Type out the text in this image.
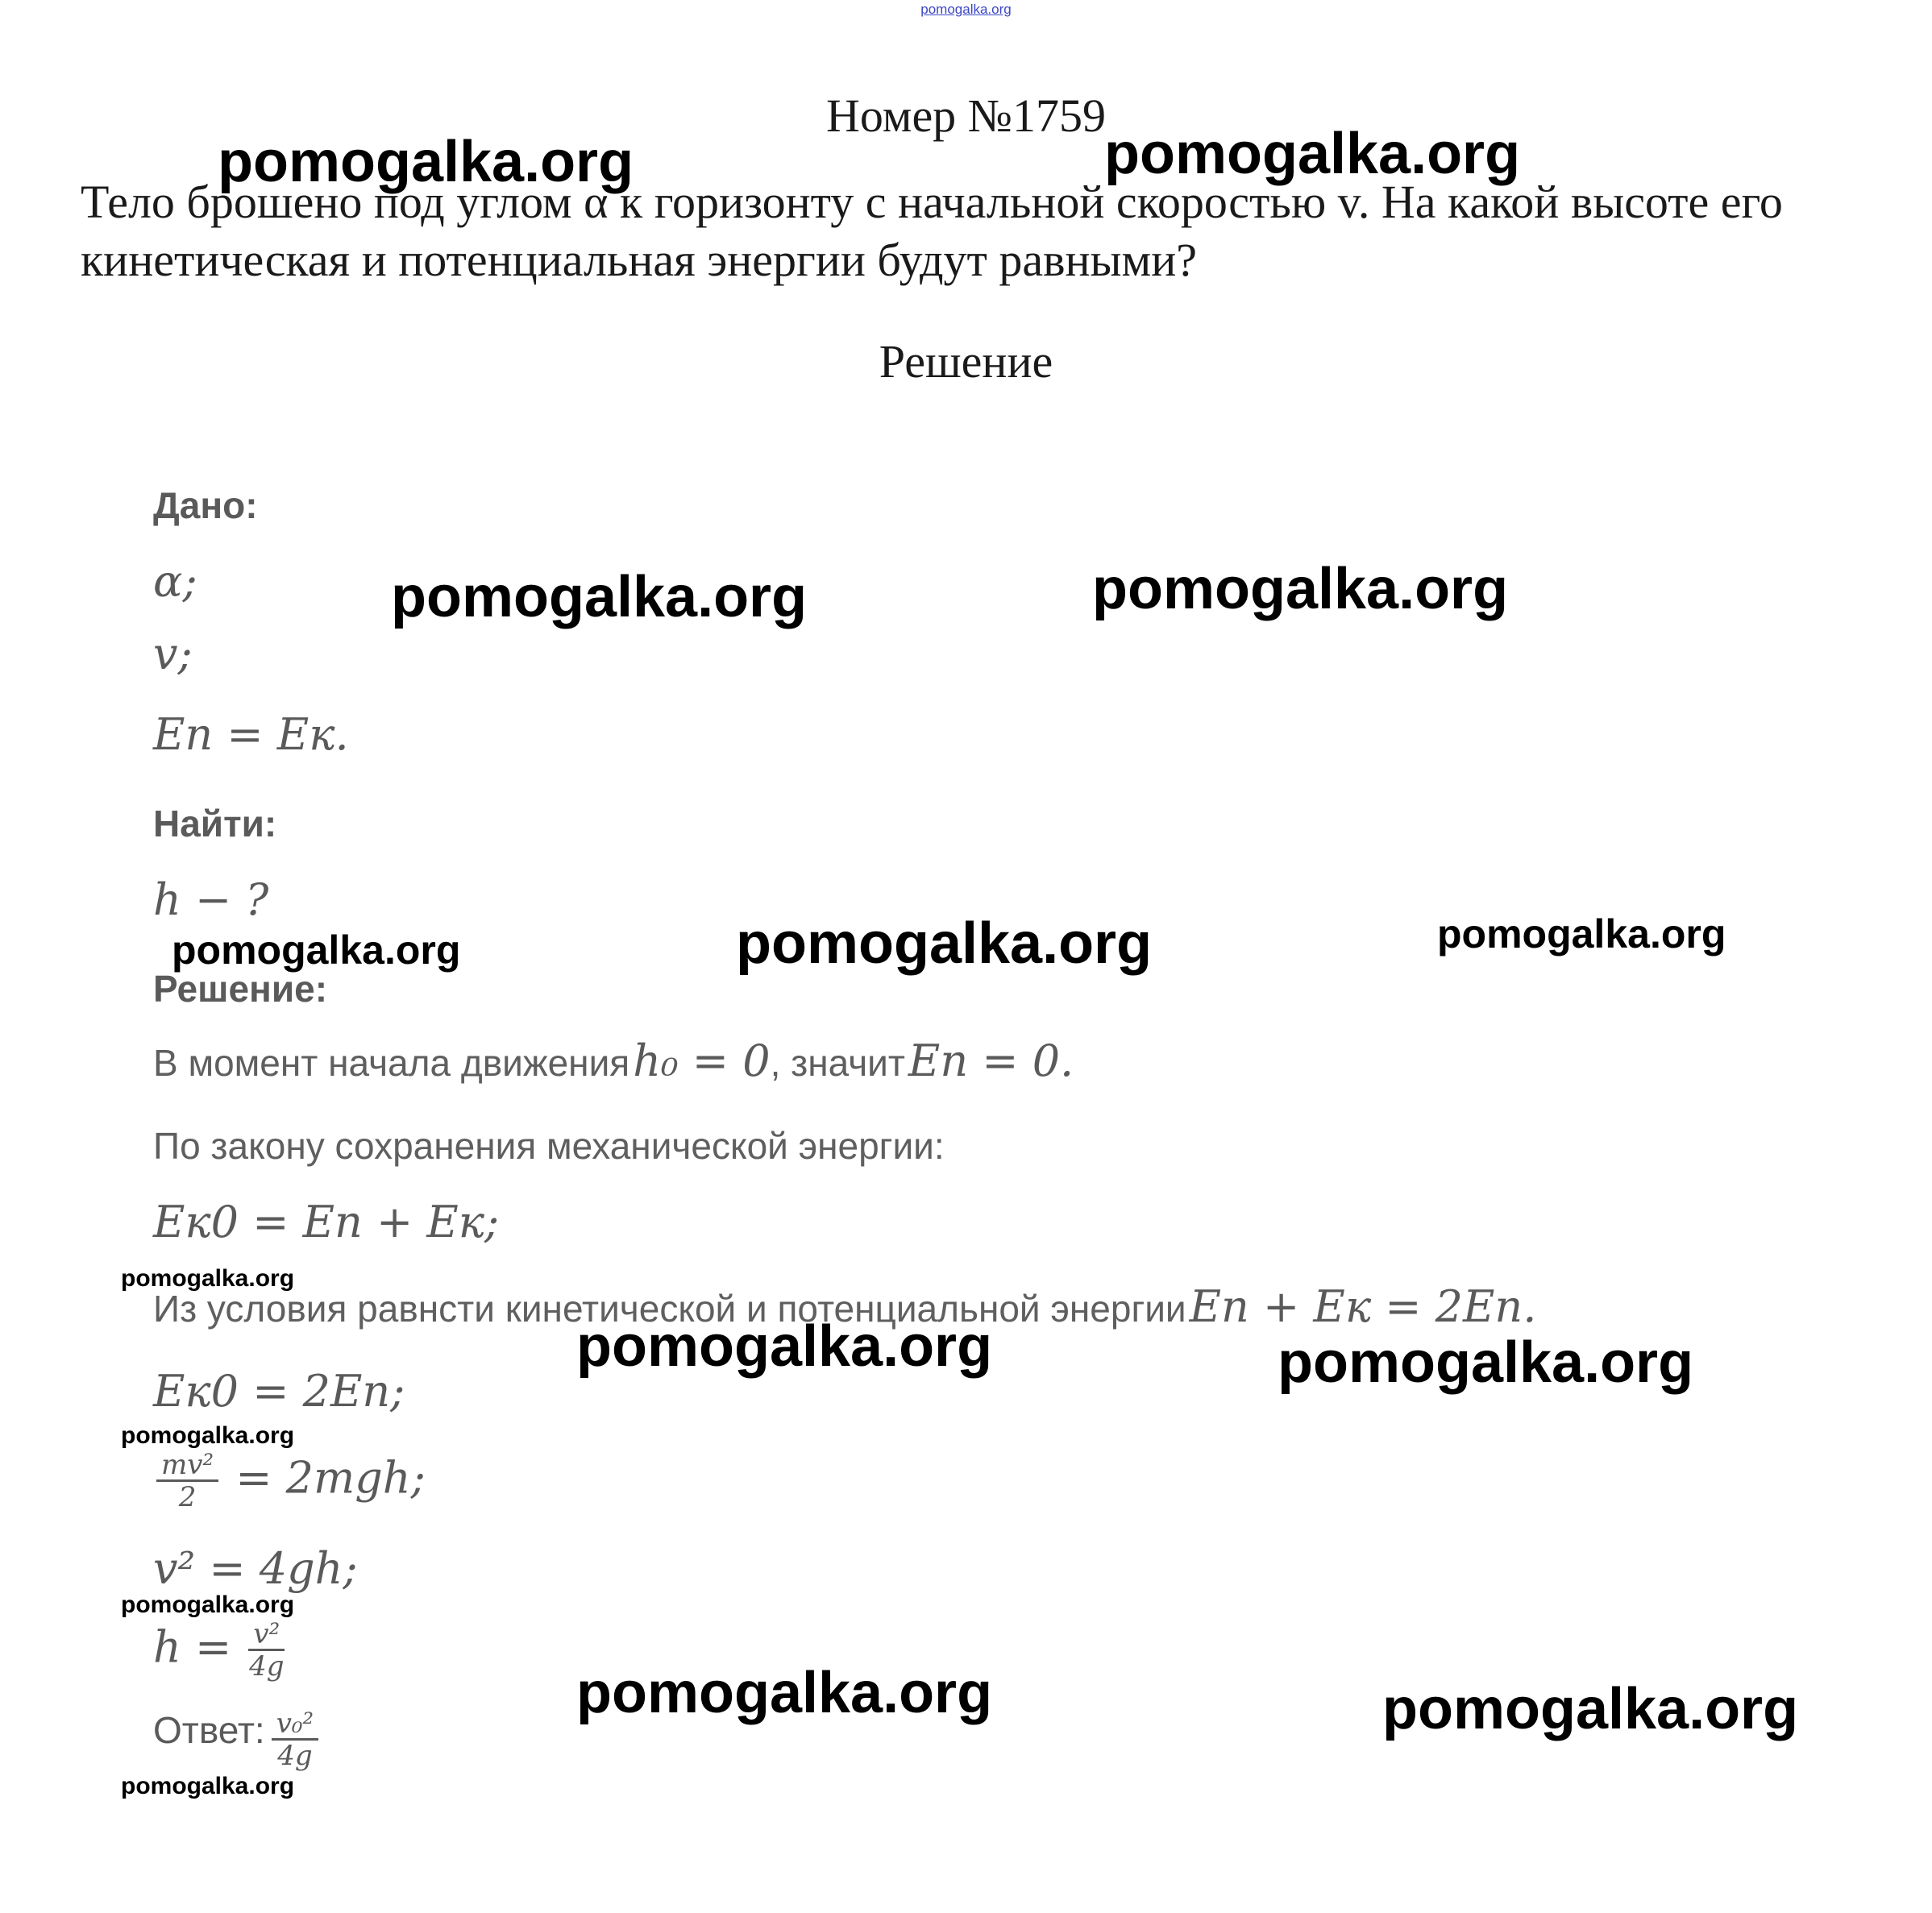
pomogalka.org
Номер №1759
Тело брошено под углом α к горизонту с начальной скоростью v. На какой высоте его кинетическая и потенциальная энергии будут равными?
Решение
Дано:
α;
v;
Eп = Eк.
Найти:
h − ?
Решение:
В момент начала движения h₀ = 0, значит Eп = 0.
По закону сохранения механической энергии:
Eк0 = Eп + Eк;
Из условия равнсти кинетической и потенциальной энергии Eп + Eк = 2Eп.
Eк0 = 2Eп;
$\frac{\text{mv²}}{2} = 2mgh$;
v² = 4gh;
$h = \frac{\text{v²}}{4g}$
Ответ: $\frac{\text{v₀²}}{4g}$
pomogalka.org	pomogalka.org
pomogalka.org	pomogalka.org
pomogalka.org	pomogalka.org	pomogalka.org
pomogalka.org
pomogalka.org	pomogalka.org
pomogalka.org
pomogalka.org
pomogalka.org	pomogalka.org
pomogalka.org
